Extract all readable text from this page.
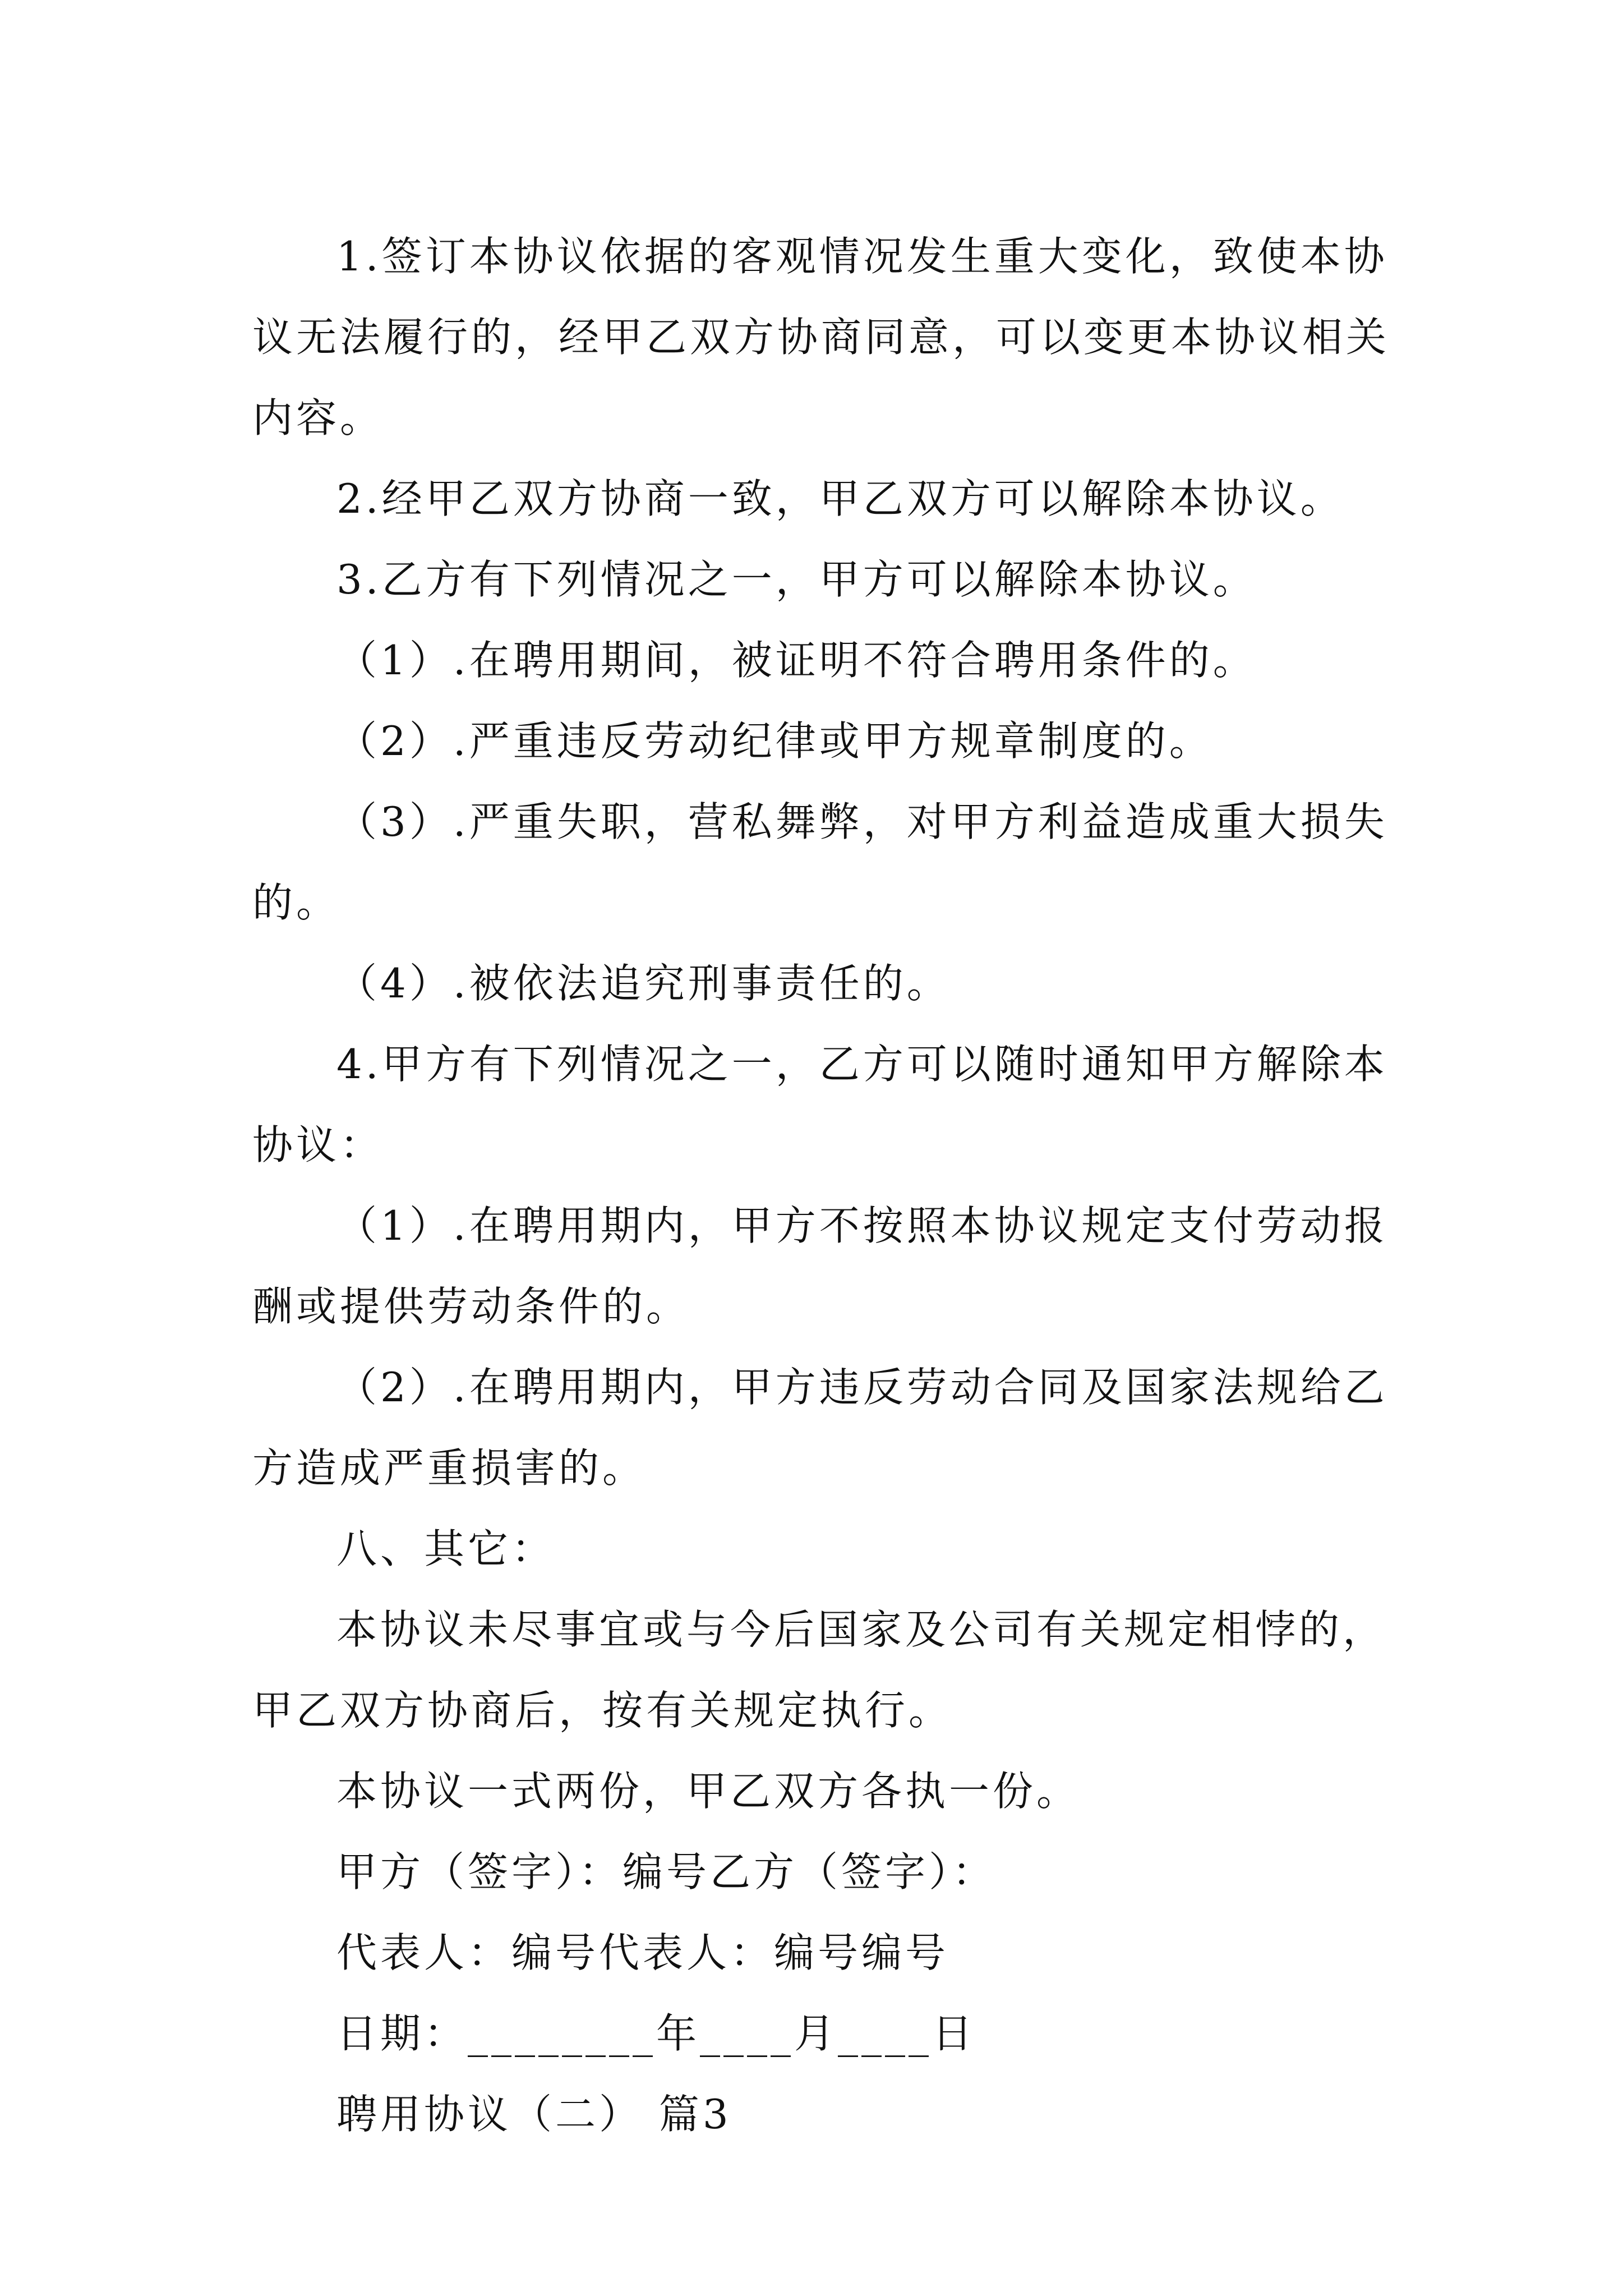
1.签订本协议依据的客观情况发生重大变化，致使本协议无法履行的，经甲乙双方协商同意，可以变更本协议相关内容。

2.经甲乙双方协商一致，甲乙双方可以解除本协议。

3.乙方有下列情况之一，甲方可以解除本协议。

（1）.在聘用期间，被证明不符合聘用条件的。

（2）.严重违反劳动纪律或甲方规章制度的。

（3）.严重失职，营私舞弊，对甲方利益造成重大损失的。

（4）.被依法追究刑事责任的。

4.甲方有下列情况之一，乙方可以随时通知甲方解除本协议：

（1）.在聘用期内，甲方不按照本协议规定支付劳动报酬或提供劳动条件的。

（2）.在聘用期内，甲方违反劳动合同及国家法规给乙方造成严重损害的。

八、其它：

本协议未尽事宜或与今后国家及公司有关规定相悖的，甲乙双方协商后，按有关规定执行。

本协议一式两份，甲乙双方各执一份。

甲方（签字）：编号乙方（签字）：

代表人：编号代表人：编号编号

日期：________年____月____日

聘用协议（二） 篇3
